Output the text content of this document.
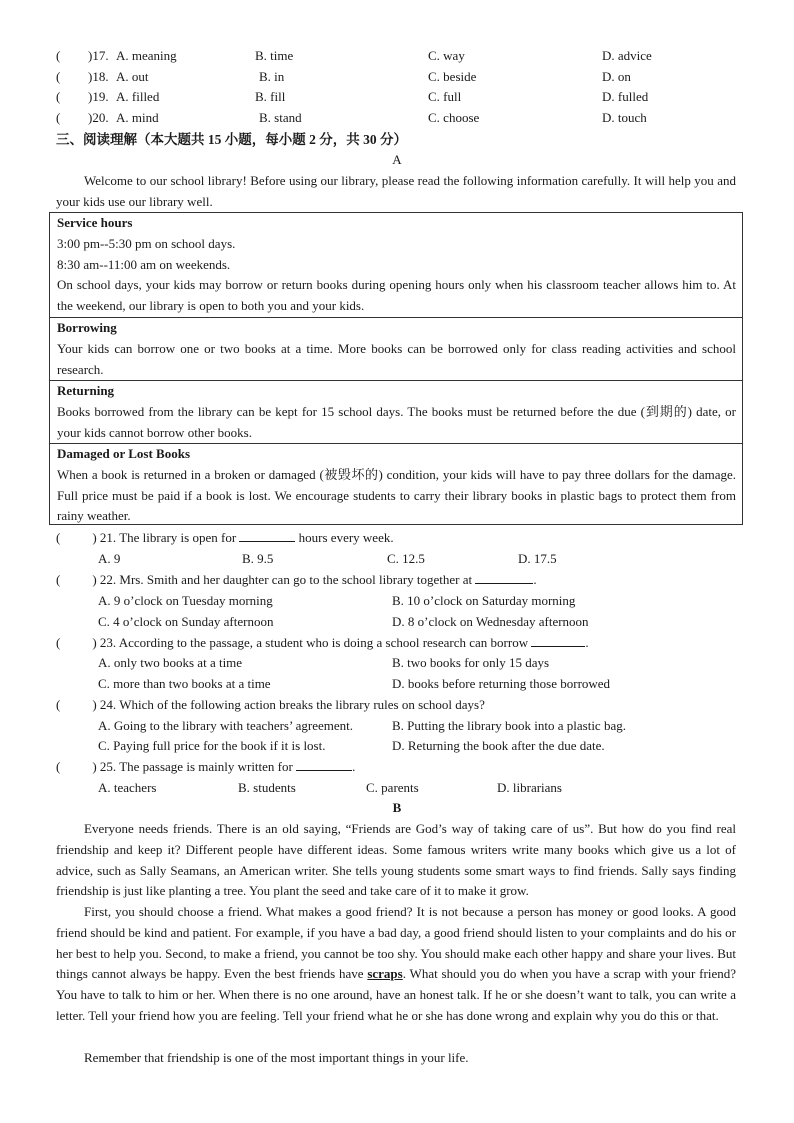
( )17. A. meaning	B. time	C. way	D. advice
( )18. A. out	B. in	C. beside	D. on
( )19. A. filled	B. fill	C. full	D. fulled
( )20. A. mind	B. stand	C. choose	D. touch
三、阅读理解（本大题共 15 小题，每小题 2 分，共 30 分）
A
Welcome to our school library! Before using our library, please read the following information carefully. It will help you and your kids use our library well.
Service hours
3:00 pm--5:30 pm on school days.
8:30 am--11:00 am on weekends.
On school days, your kids may borrow or return books during opening hours only when his classroom teacher allows him to. At the weekend, our library is open to both you and your kids.
Borrowing
Your kids can borrow one or two books at a time. More books can be borrowed only for class reading activities and school research.
Returning
Books borrowed from the library can be kept for 15 school days. The books must be returned before the due (到期的) date, or your kids cannot borrow other books.
Damaged or Lost Books
When a book is returned in a broken or damaged (被毁坏的) condition, your kids will have to pay three dollars for the damage. Full price must be paid if a book is lost. We encourage students to carry their library books in plastic bags to protect them from rainy weather.
( ) 21. The library is open for	hours every week.
A. 9	B. 9.5	C. 12.5	D. 17.5
( ) 22. Mrs. Smith and her daughter can go to the school library together at	.
A. 9 o’clock on Tuesday morning	B. 10 o’clock on Saturday morning
C. 4 o’clock on Sunday afternoon	D. 8 o’clock on Wednesday afternoon
( ) 23. According to the passage, a student who is doing a school research can borrow	.
A. only two books at a time	B. two books for only 15 days
C. more than two books at a time	D. books before returning those borrowed
( ) 24. Which of the following action breaks the library rules on school days?
A. Going to the library with teachers’ agreement.	B. Putting the library book into a plastic bag.
C. Paying full price for the book if it is lost.	D. Returning the book after the due date.
( ) 25. The passage is mainly written for	.
A. teachers	B. students	C. parents	D. librarians
B
Everyone needs friends. There is an old saying, “Friends are God’s way of taking care of us”. But how do you find real friendship and keep it? Different people have different ideas. Some famous writers write many books which give us a lot of advice, such as Sally Seamans, an American writer. She tells young students some smart ways to find friends. Sally says finding friendship is just like planting a tree. You plant the seed and take care of it to make it grow.
First, you should choose a friend. What makes a good friend? It is not because a person has money or good looks. A good friend should be kind and patient. For example, if you have a bad day, a good friend should listen to your complaints and do his or her best to help you. Second, to make a friend, you cannot be too shy. You should make each other happy and share your lives. But things cannot always be happy. Even the best friends have scraps. What should you do when you have a scrap with your friend? You have to talk to him or her. When there is no one around, have an honest talk. If he or she doesn’t want to talk, you can write a letter. Tell your friend how you are feeling. Tell your friend what he or she has done wrong and explain why you do this or that.
Remember that friendship is one of the most important things in your life.
